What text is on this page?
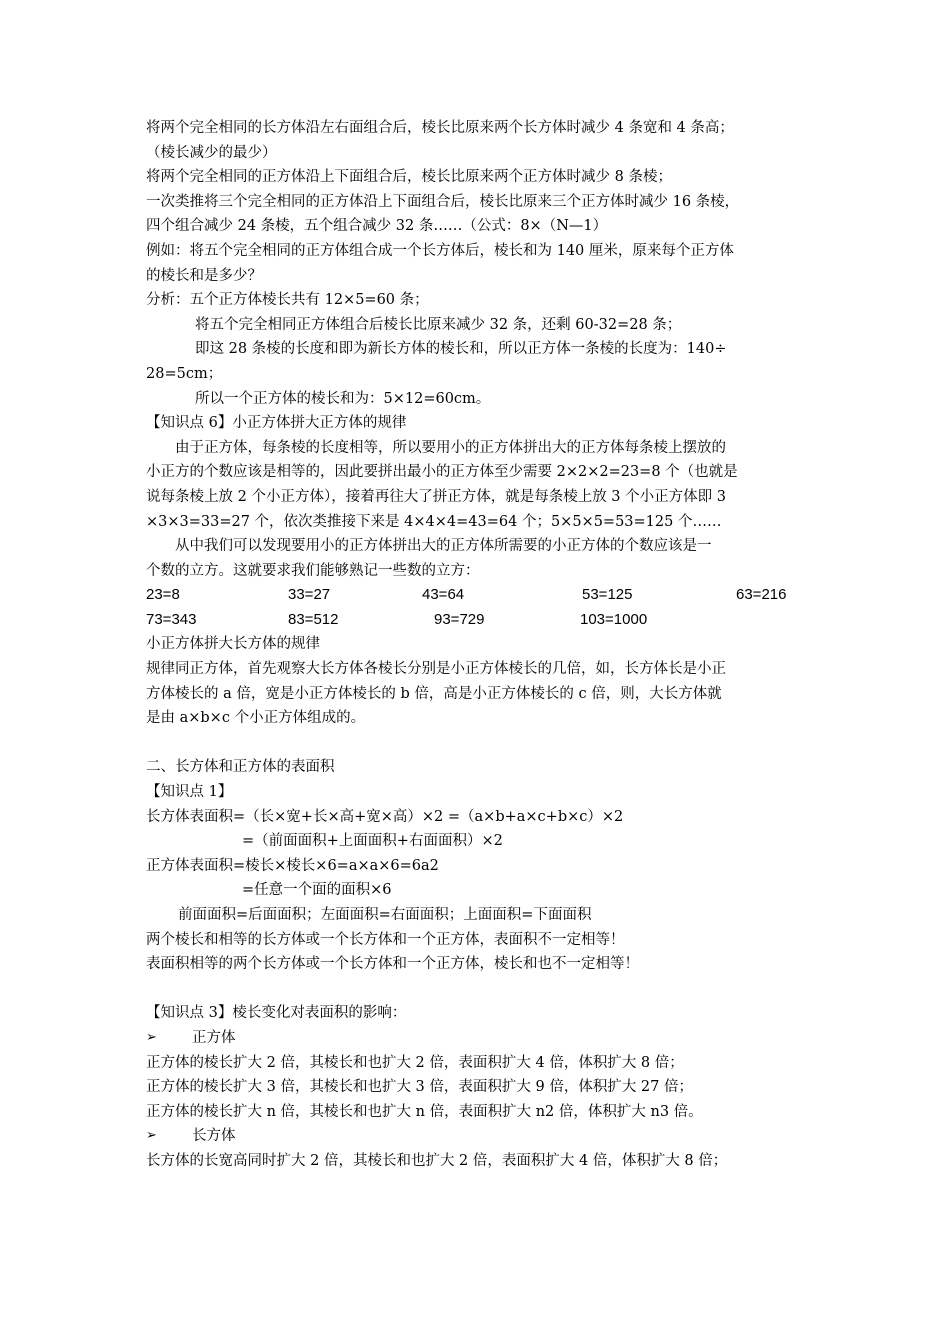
将两个完全相同的长方体沿左右面组合后，棱长比原来两个长方体时减少 4 条宽和 4 条高；
（棱长减少的最少）
将两个完全相同的正方体沿上下面组合后，棱长比原来两个正方体时减少 8 条棱；
一次类推将三个完全相同的正方体沿上下面组合后，棱长比原来三个正方体时减少 16 条棱，
四个组合减少 24 条棱，五个组合减少 32 条……（公式：8×（N—1）
例如：将五个完全相同的正方体组合成一个长方体后，棱长和为 140 厘米，原来每个正方体
的棱长和是多少？
分析：五个正方体棱长共有 12×5=60 条；
将五个完全相同正方体组合后棱长比原来减少 32 条，还剩 60-32=28 条；
即这 28 条棱的长度和即为新长方体的棱长和，所以正方体一条棱的长度为：140÷
28=5cm；
所以一个正方体的棱长和为：5×12=60cm。
【知识点 6】小正方体拼大正方体的规律
由于正方体，每条棱的长度相等，所以要用小的正方体拼出大的正方体每条棱上摆放的
小正方的个数应该是相等的，因此要拼出最小的正方体至少需要 2×2×2=23=8 个（也就是
说每条棱上放 2 个小正方体），接着再往大了拼正方体，就是每条棱上放 3 个小正方体即 3
×3×3=33=27 个，依次类推接下来是 4×4×4=43=64 个；5×5×5=53=125 个……
从中我们可以发现要用小的正方体拼出大的正方体所需要的小正方体的个数应该是一
个数的立方。这就要求我们能够熟记一些数的立方：
23=8	33=27	43=64	53=125	63=216
73=343	83=512	93=729	103=1000
小正方体拼大长方体的规律
规律同正方体，首先观察大长方体各棱长分别是小正方体棱长的几倍，如，长方体长是小正
方体棱长的 a 倍，宽是小正方体棱长的 b 倍，高是小正方体棱长的 c 倍，则，大长方体就
是由 a×b×c 个小正方体组成的。
二、长方体和正方体的表面积
【知识点 1】
长方体表面积=（长×宽+长×高+宽×高）×2 =（a×b+a×c+b×c）×2
=（前面面积+上面面积+右面面积）×2
正方体表面积=棱长×棱长×6=a×a×6=6a2
=任意一个面的面积×6
前面面积=后面面积；左面面积=右面面积；上面面积=下面面积
两个棱长和相等的长方体或一个长方体和一个正方体，表面积不一定相等！
表面积相等的两个长方体或一个长方体和一个正方体，棱长和也不一定相等！
【知识点 3】棱长变化对表面积的影响：
➢	正方体
正方体的棱长扩大 2 倍，其棱长和也扩大 2 倍，表面积扩大 4 倍，体积扩大 8 倍；
正方体的棱长扩大 3 倍，其棱长和也扩大 3 倍，表面积扩大 9 倍，体积扩大 27 倍；
正方体的棱长扩大 n 倍，其棱长和也扩大 n 倍，表面积扩大 n2 倍，体积扩大 n3 倍。
➢	长方体
长方体的长宽高同时扩大 2 倍，其棱长和也扩大 2 倍，表面积扩大 4 倍，体积扩大 8 倍；
